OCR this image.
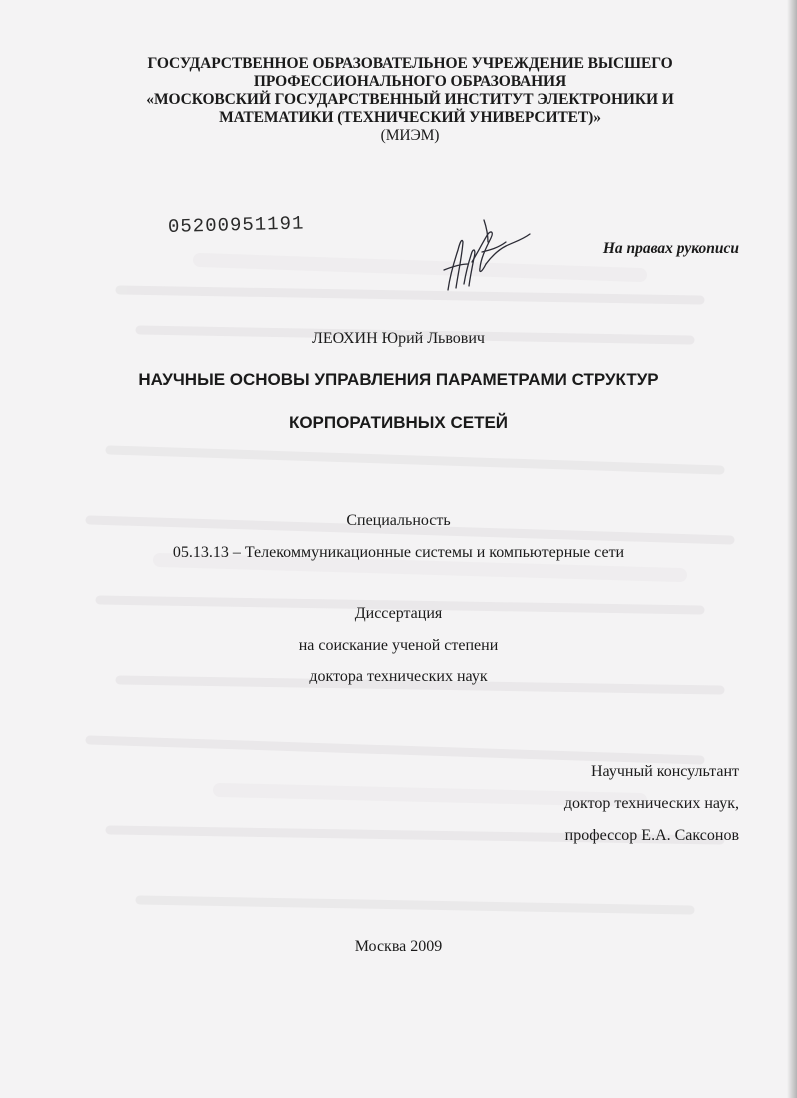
ГОСУДАРСТВЕННОЕ ОБРАЗОВАТЕЛЬНОЕ УЧРЕЖДЕНИЕ ВЫСШЕГО
ПРОФЕССИОНАЛЬНОГО ОБРАЗОВАНИЯ
«МОСКОВСКИЙ ГОСУДАРСТВЕННЫЙ ИНСТИТУТ ЭЛЕКТРОНИКИ И
МАТЕМАТИКИ (ТЕХНИЧЕСКИЙ УНИВЕРСИТЕТ)»
(МИЭМ)
05200951191
На правах рукописи
ЛЕОХИН Юрий Львович
НАУЧНЫЕ ОСНОВЫ УПРАВЛЕНИЯ ПАРАМЕТРАМИ СТРУКТУР
КОРПОРАТИВНЫХ СЕТЕЙ
Специальность
05.13.13 – Телекоммуникационные системы и компьютерные сети
Диссертация
на соискание ученой степени
доктора технических наук
Научный консультант
доктор технических наук,
профессор Е.А. Саксонов
Москва 2009
